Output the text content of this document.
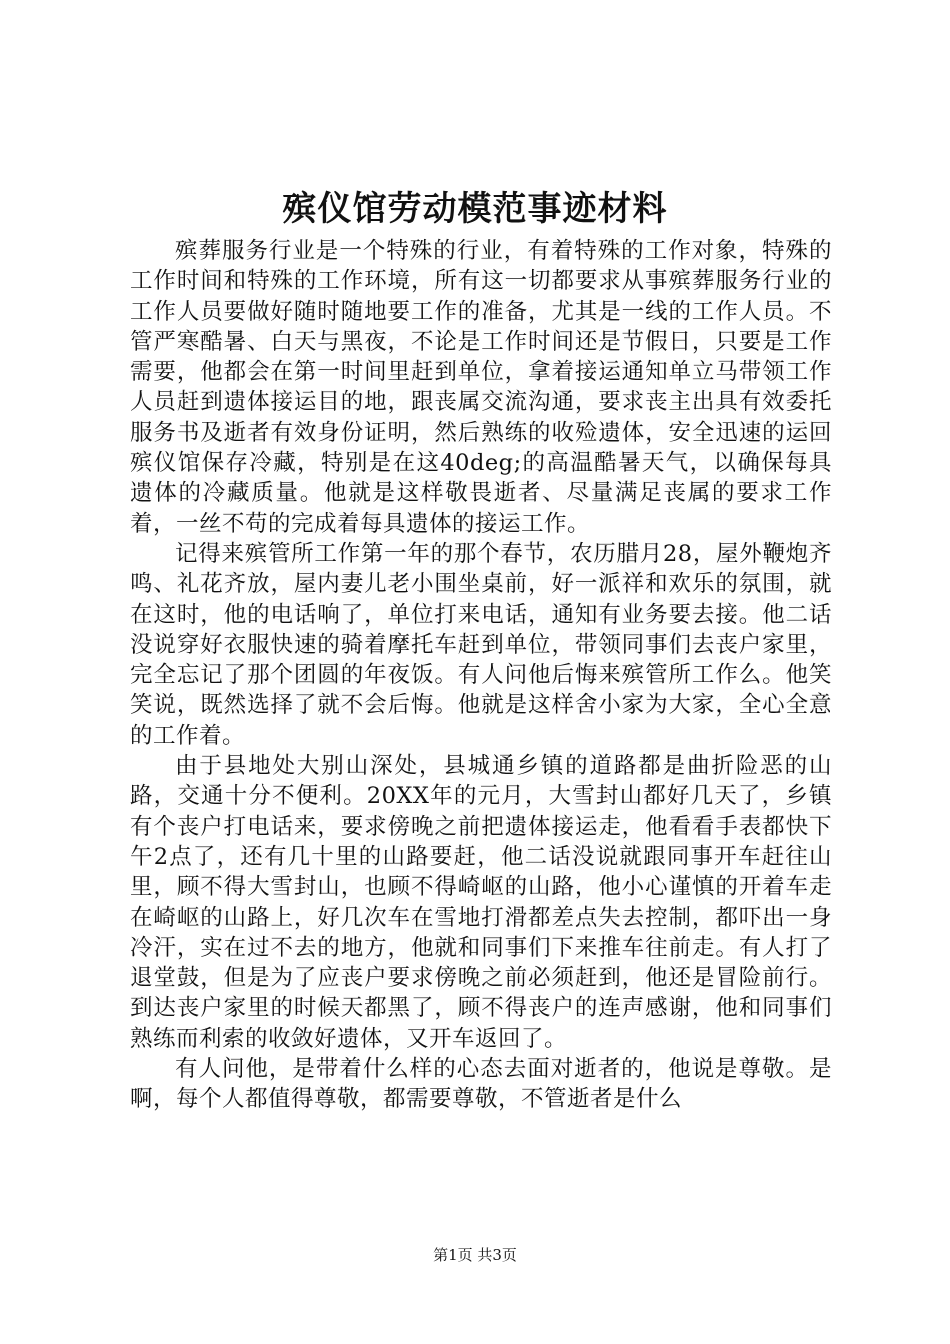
殡仪馆劳动模范事迹材料

殡葬服务行业是一个特殊的行业，有着特殊的工作对象，特殊的工作时间和特殊的工作环境，所有这一切都要求从事殡葬服务行业的工作人员要做好随时随地要工作的准备，尤其是一线的工作人员。不管严寒酷暑、白天与黑夜，不论是工作时间还是节假日，只要是工作需要，他都会在第一时间里赶到单位，拿着接运通知单立马带领工作人员赶到遗体接运目的地，跟丧属交流沟通，要求丧主出具有效委托服务书及逝者有效身份证明，然后熟练的收殓遗体，安全迅速的运回殡仪馆保存冷藏，特别是在这40deg;的高温酷暑天气，以确保每具遗体的冷藏质量。他就是这样敬畏逝者、尽量满足丧属的要求工作着，一丝不苟的完成着每具遗体的接运工作。

记得来殡管所工作第一年的那个春节，农历腊月28，屋外鞭炮齐鸣、礼花齐放，屋内妻儿老小围坐桌前，好一派祥和欢乐的氛围，就在这时，他的电话响了，单位打来电话，通知有业务要去接。他二话没说穿好衣服快速的骑着摩托车赶到单位，带领同事们去丧户家里，完全忘记了那个团圆的年夜饭。有人问他后悔来殡管所工作么。他笑笑说，既然选择了就不会后悔。他就是这样舍小家为大家，全心全意的工作着。

由于县地处大别山深处，县城通乡镇的道路都是曲折险恶的山路，交通十分不便利。20XX年的元月，大雪封山都好几天了，乡镇有个丧户打电话来，要求傍晚之前把遗体接运走，他看看手表都快下午2点了，还有几十里的山路要赶，他二话没说就跟同事开车赶往山里，顾不得大雪封山，也顾不得崎岖的山路，他小心谨慎的开着车走在崎岖的山路上，好几次车在雪地打滑都差点失去控制，都吓出一身冷汗，实在过不去的地方，他就和同事们下来推车往前走。有人打了退堂鼓，但是为了应丧户要求傍晚之前必须赶到，他还是冒险前行。到达丧户家里的时候天都黑了，顾不得丧户的连声感谢，他和同事们熟练而利索的收敛好遗体，又开车返回了。

有人问他，是带着什么样的心态去面对逝者的，他说是尊敬。是啊，每个人都值得尊敬，都需要尊敬，不管逝者是什么

第1页 共3页
